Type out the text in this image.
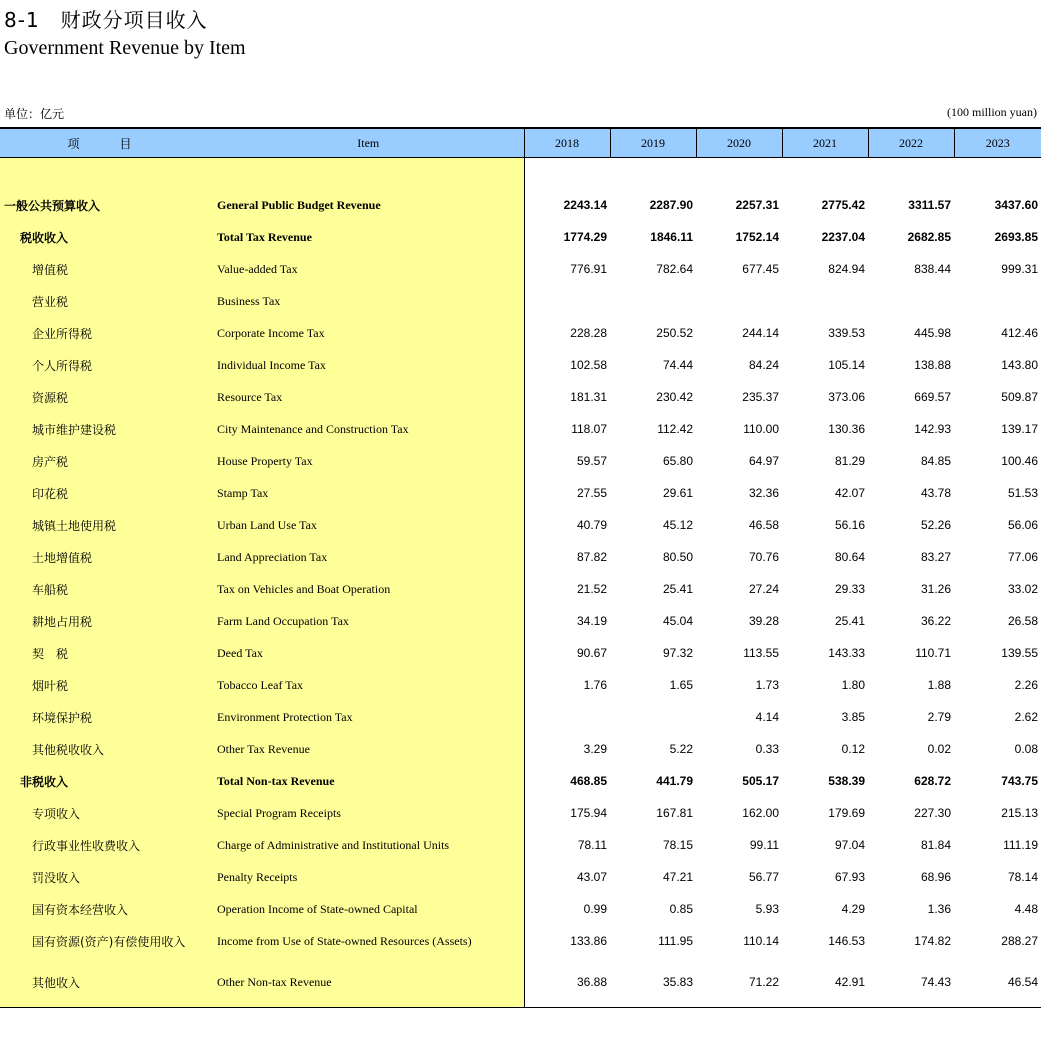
8-1　财政分项目收入
Government Revenue by Item
单位：亿元	(100 million yuan)
项　目	Item	2018	2019	2020	2021	2022	2023

一般公共预算收入	General Public Budget Revenue	2243.14	2287.90	2257.31	2775.42	3311.57	3437.60
税收收入	Total Tax Revenue	1774.29	1846.11	1752.14	2237.04	2682.85	2693.85
增值税	Value-added Tax	776.91	782.64	677.45	824.94	838.44	999.31
营业税	Business Tax						
企业所得税	Corporate Income Tax	228.28	250.52	244.14	339.53	445.98	412.46
个人所得税	Individual Income Tax	102.58	74.44	84.24	105.14	138.88	143.80
资源税	Resource Tax	181.31	230.42	235.37	373.06	669.57	509.87
城市维护建设税	City Maintenance and Construction Tax	118.07	112.42	110.00	130.36	142.93	139.17
房产税	House Property Tax	59.57	65.80	64.97	81.29	84.85	100.46
印花税	Stamp Tax	27.55	29.61	32.36	42.07	43.78	51.53
城镇土地使用税	Urban Land Use Tax	40.79	45.12	46.58	56.16	52.26	56.06
土地增值税	Land Appreciation Tax	87.82	80.50	70.76	80.64	83.27	77.06
车船税	Tax on Vehicles and Boat Operation	21.52	25.41	27.24	29.33	31.26	33.02
耕地占用税	Farm Land Occupation Tax	34.19	45.04	39.28	25.41	36.22	26.58
契　税	Deed Tax	90.67	97.32	113.55	143.33	110.71	139.55
烟叶税	Tobacco Leaf Tax	1.76	1.65	1.73	1.80	1.88	2.26
环境保护税	Environment Protection Tax			4.14	3.85	2.79	2.62
其他税收收入	Other Tax Revenue	3.29	5.22	0.33	0.12	0.02	0.08
非税收入	Total Non-tax Revenue	468.85	441.79	505.17	538.39	628.72	743.75
专项收入	Special Program Receipts	175.94	167.81	162.00	179.69	227.30	215.13
行政事业性收费收入	Charge of Administrative and Institutional Units	78.11	78.15	99.11	97.04	81.84	111.19
罚没收入	Penalty Receipts	43.07	47.21	56.77	67.93	68.96	78.14
国有资本经营收入	Operation Income of State-owned Capital	0.99	0.85	5.93	4.29	1.36	4.48
国有资源(资产)有偿使用收入	Income from Use of State-owned Resources (Assets)	133.86	111.95	110.14	146.53	174.82	288.27
其他收入	Other Non-tax Revenue	36.88	35.83	71.22	42.91	74.43	46.54
